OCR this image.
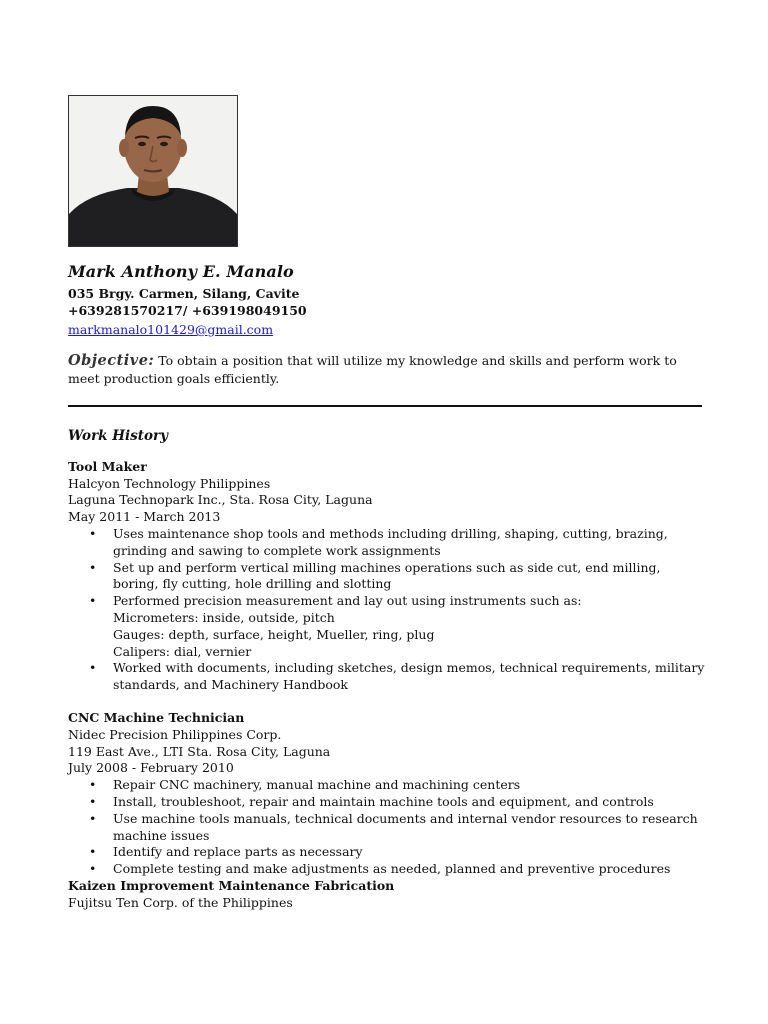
Mark Anthony E. Manalo

035 Brgy. Carmen, Silang, Cavite

+639281570217/ +639198049150

markmanalo101429@gmail.com
Objective: To obtain a position that will utilize my knowledge and skills and perform work to meet production goals efficiently.

Work History

Tool Maker

Halcyon Technology Philippines

Laguna Technopark Inc., Sta. Rosa City, Laguna

May 2011 - March 2013

• Uses maintenance shop tools and methods including drilling, shaping, cutting, brazing, grinding and sawing to complete work assignments
• Set up and perform vertical milling machines operations such as side cut, end milling, boring, fly cutting, hole drilling and slotting
• Performed precision measurement and lay out using instruments such as:
Micrometers: inside, outside, pitch
Gauges: depth, surface, height, Mueller, ring, plug
Calipers: dial, vernier
• Worked with documents, including sketches, design memos, technical requirements, military standards, and Machinery Handbook

CNC Machine Technician

Nidec Precision Philippines Corp.

119 East Ave., LTI Sta. Rosa City, Laguna

July 2008 - February 2010

• Repair CNC machinery, manual machine and machining centers
• Install, troubleshoot, repair and maintain machine tools and equipment, and controls
• Use machine tools manuals, technical documents and internal vendor resources to research machine issues
• Identify and replace parts as necessary
• Complete testing and make adjustments as needed, planned and preventive procedures

Kaizen Improvement Maintenance Fabrication

Fujitsu Ten Corp. of the Philippines
